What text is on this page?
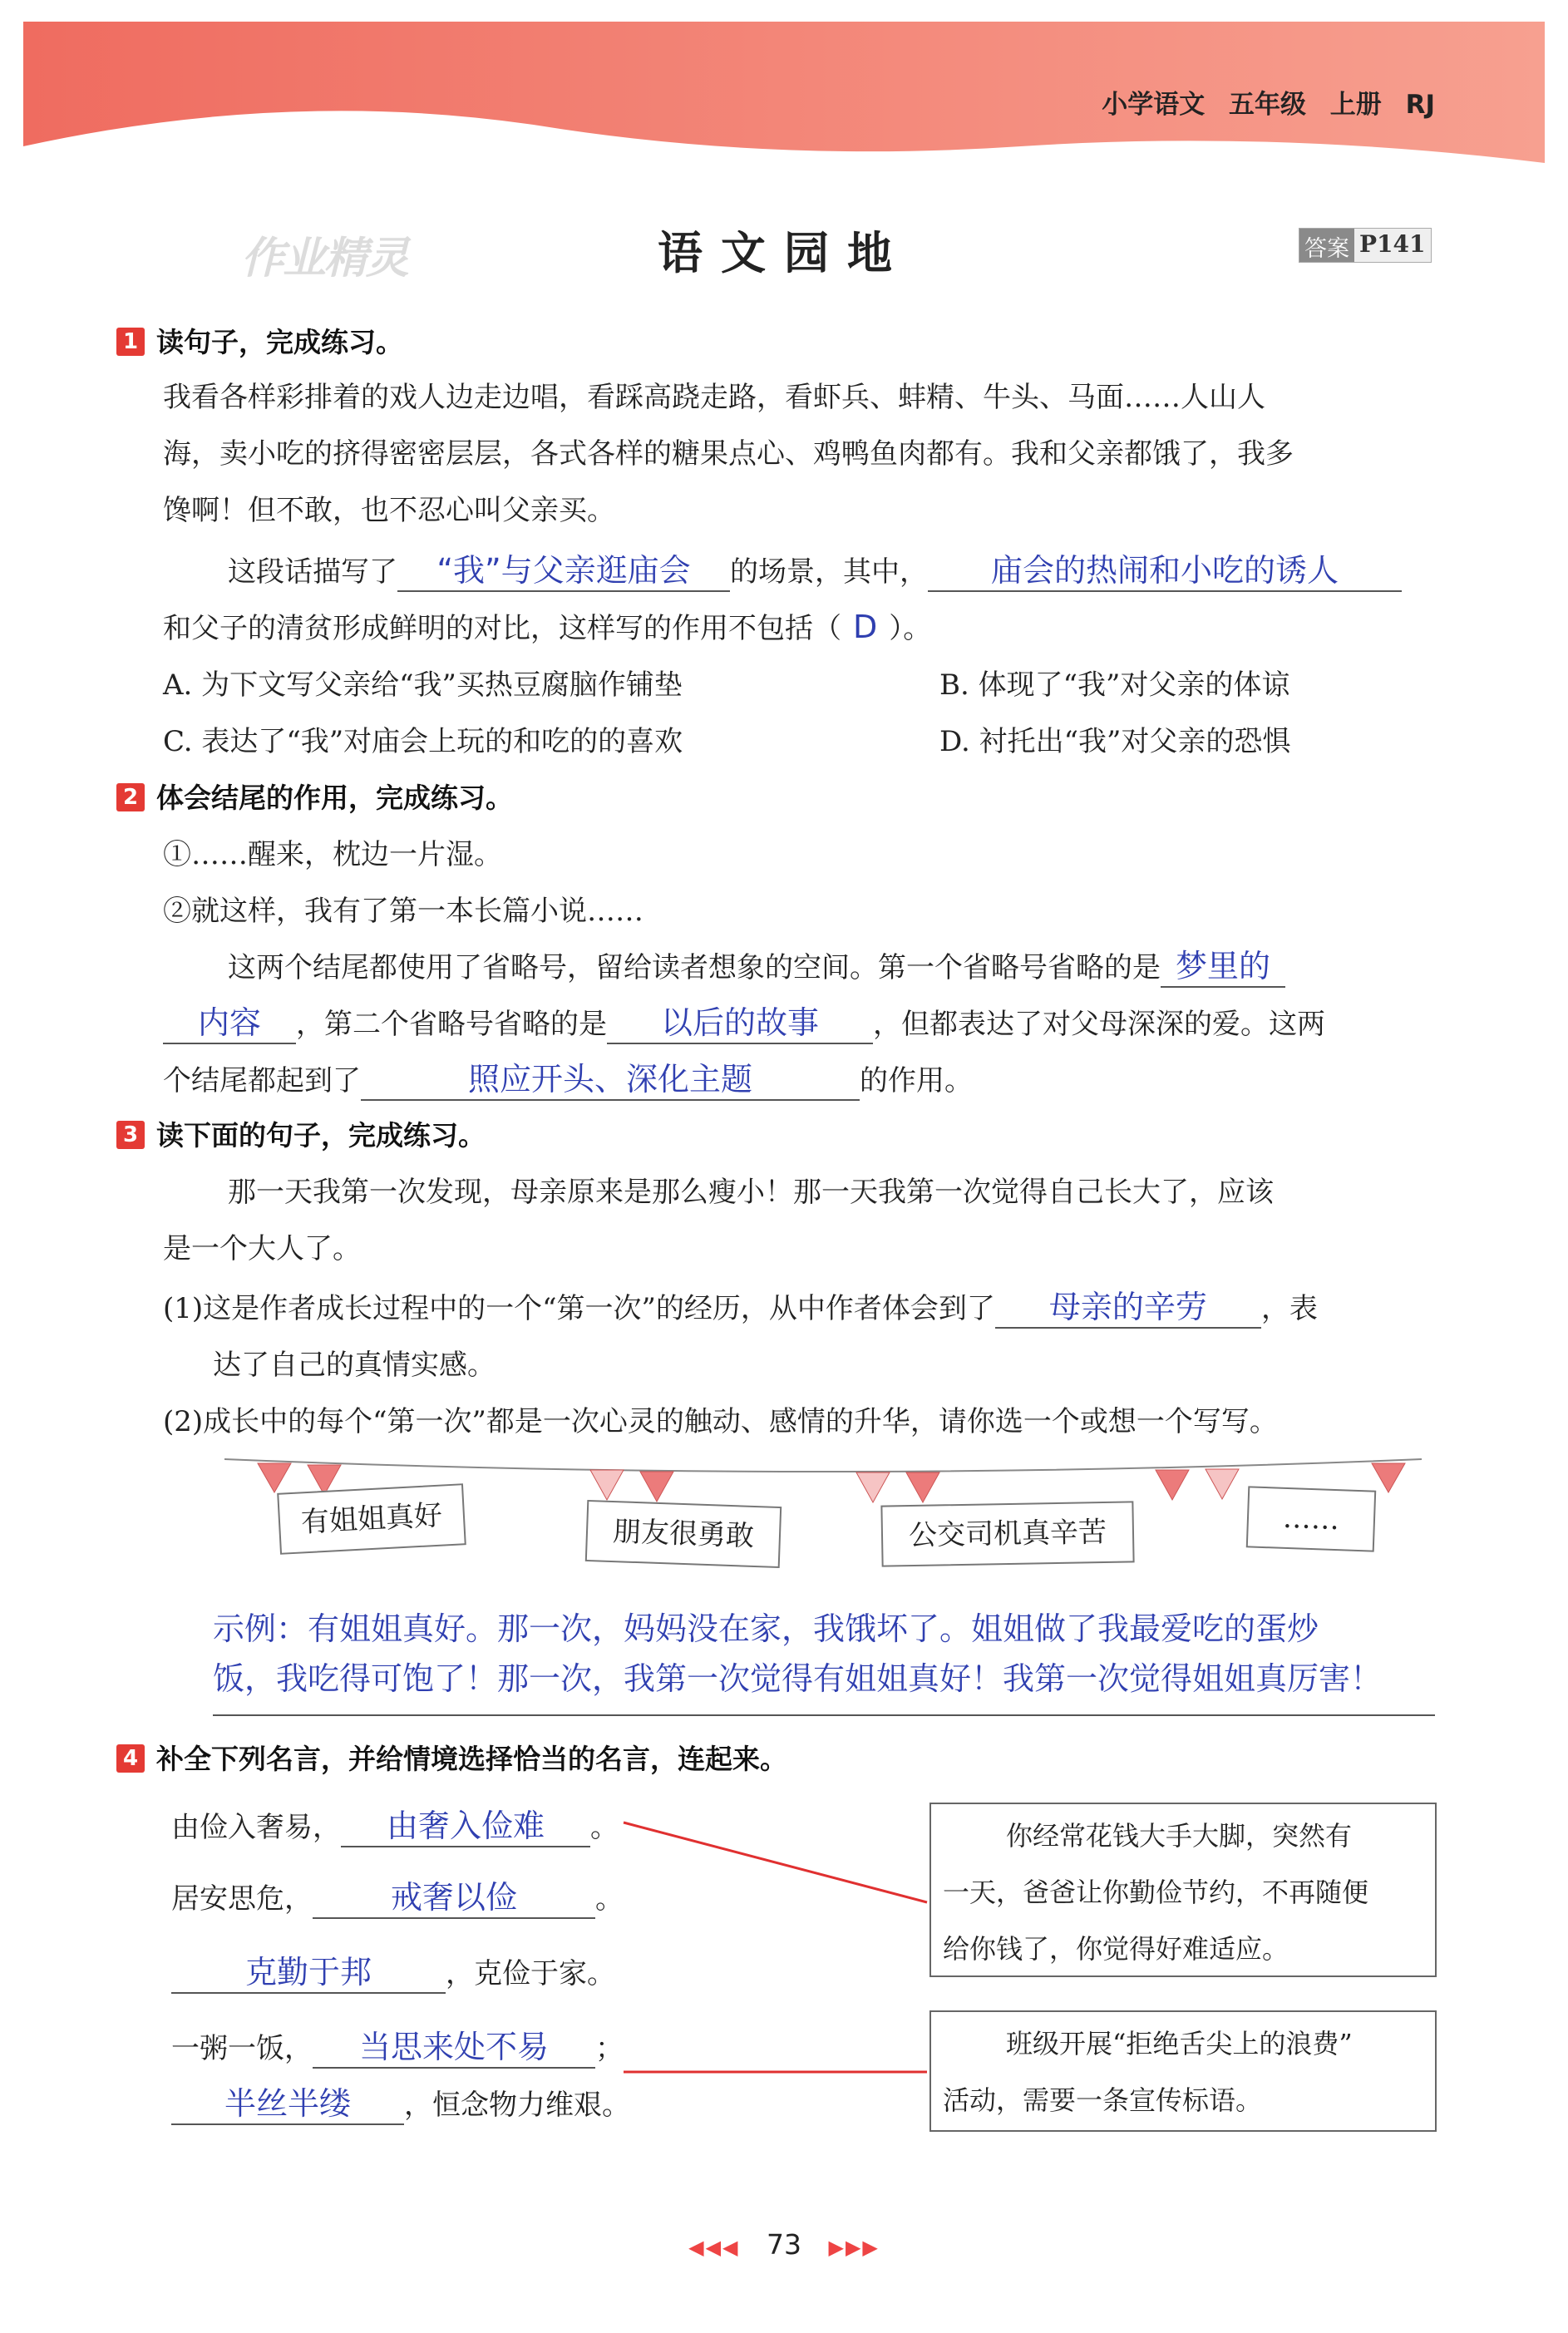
小学语文 五年级 上册 RJ
作业精灵	语文园地	答案 P141
1 读句子，完成练习。
我看各样彩排着的戏人边走边唱，看踩高跷走路，看虾兵、蚌精、牛头、马面……人山人
海，卖小吃的挤得密密层层，各式各样的糖果点心、鸡鸭鱼肉都有。我和父亲都饿了，我多
馋啊！但不敢，也不忍心叫父亲买。
这段话描写了 “我”与父亲逛庙会 的场景，其中， 庙会的热闹和小吃的诱人
和父子的清贫形成鲜明的对比，这样写的作用不包括（ D ）。
A. 为下文写父亲给“我”买热豆腐脑作铺垫	B. 体现了“我”对父亲的体谅
C. 表达了“我”对庙会上玩的和吃的的喜欢	D. 衬托出“我”对父亲的恐惧
2 体会结尾的作用，完成练习。
①……醒来，枕边一片湿。
②就这样，我有了第一本长篇小说……
这两个结尾都使用了省略号，留给读者想象的空间。第一个省略号省略的是 梦里的
内容 ，第二个省略号省略的是 以后的故事 ，但都表达了对父母深深的爱。这两
个结尾都起到了	照应开头、深化主题	的作用。
3 读下面的句子，完成练习。
那一天我第一次发现，母亲原来是那么瘦小！那一天我第一次觉得自己长大了，应该
是一个大人了。
(1)这是作者成长过程中的一个“第一次”的经历，从中作者体会到了 母亲的辛劳 ，表
达了自己的真情实感。
(2)成长中的每个“第一次”都是一次心灵的触动、感情的升华，请你选一个或想一个写写。
有姐姐真好	朋友很勇敢	公交司机真辛苦	……
示例：有姐姐真好。那一次，妈妈没在家，我饿坏了。姐姐做了我最爱吃的蛋炒
饭，我吃得可饱了！那一次，我第一次觉得有姐姐真好！我第一次觉得姐姐真厉害！
4 补全下列名言，并给情境选择恰当的名言，连起来。
由俭入奢易， 由奢入俭难 。
居安思危， 戒奢以俭	。
克勤于邦	，克俭于家。
一粥一饭， 当思来处不易 ；
半丝半缕 ，恒念物力维艰。
你经常花钱大手大脚，突然有
一天，爸爸让你勤俭节约，不再随便
给你钱了，你觉得好难适应。
班级开展“拒绝舌尖上的浪费”
活动，需要一条宣传标语。
◀◀◀ 73 ▶▶▶
